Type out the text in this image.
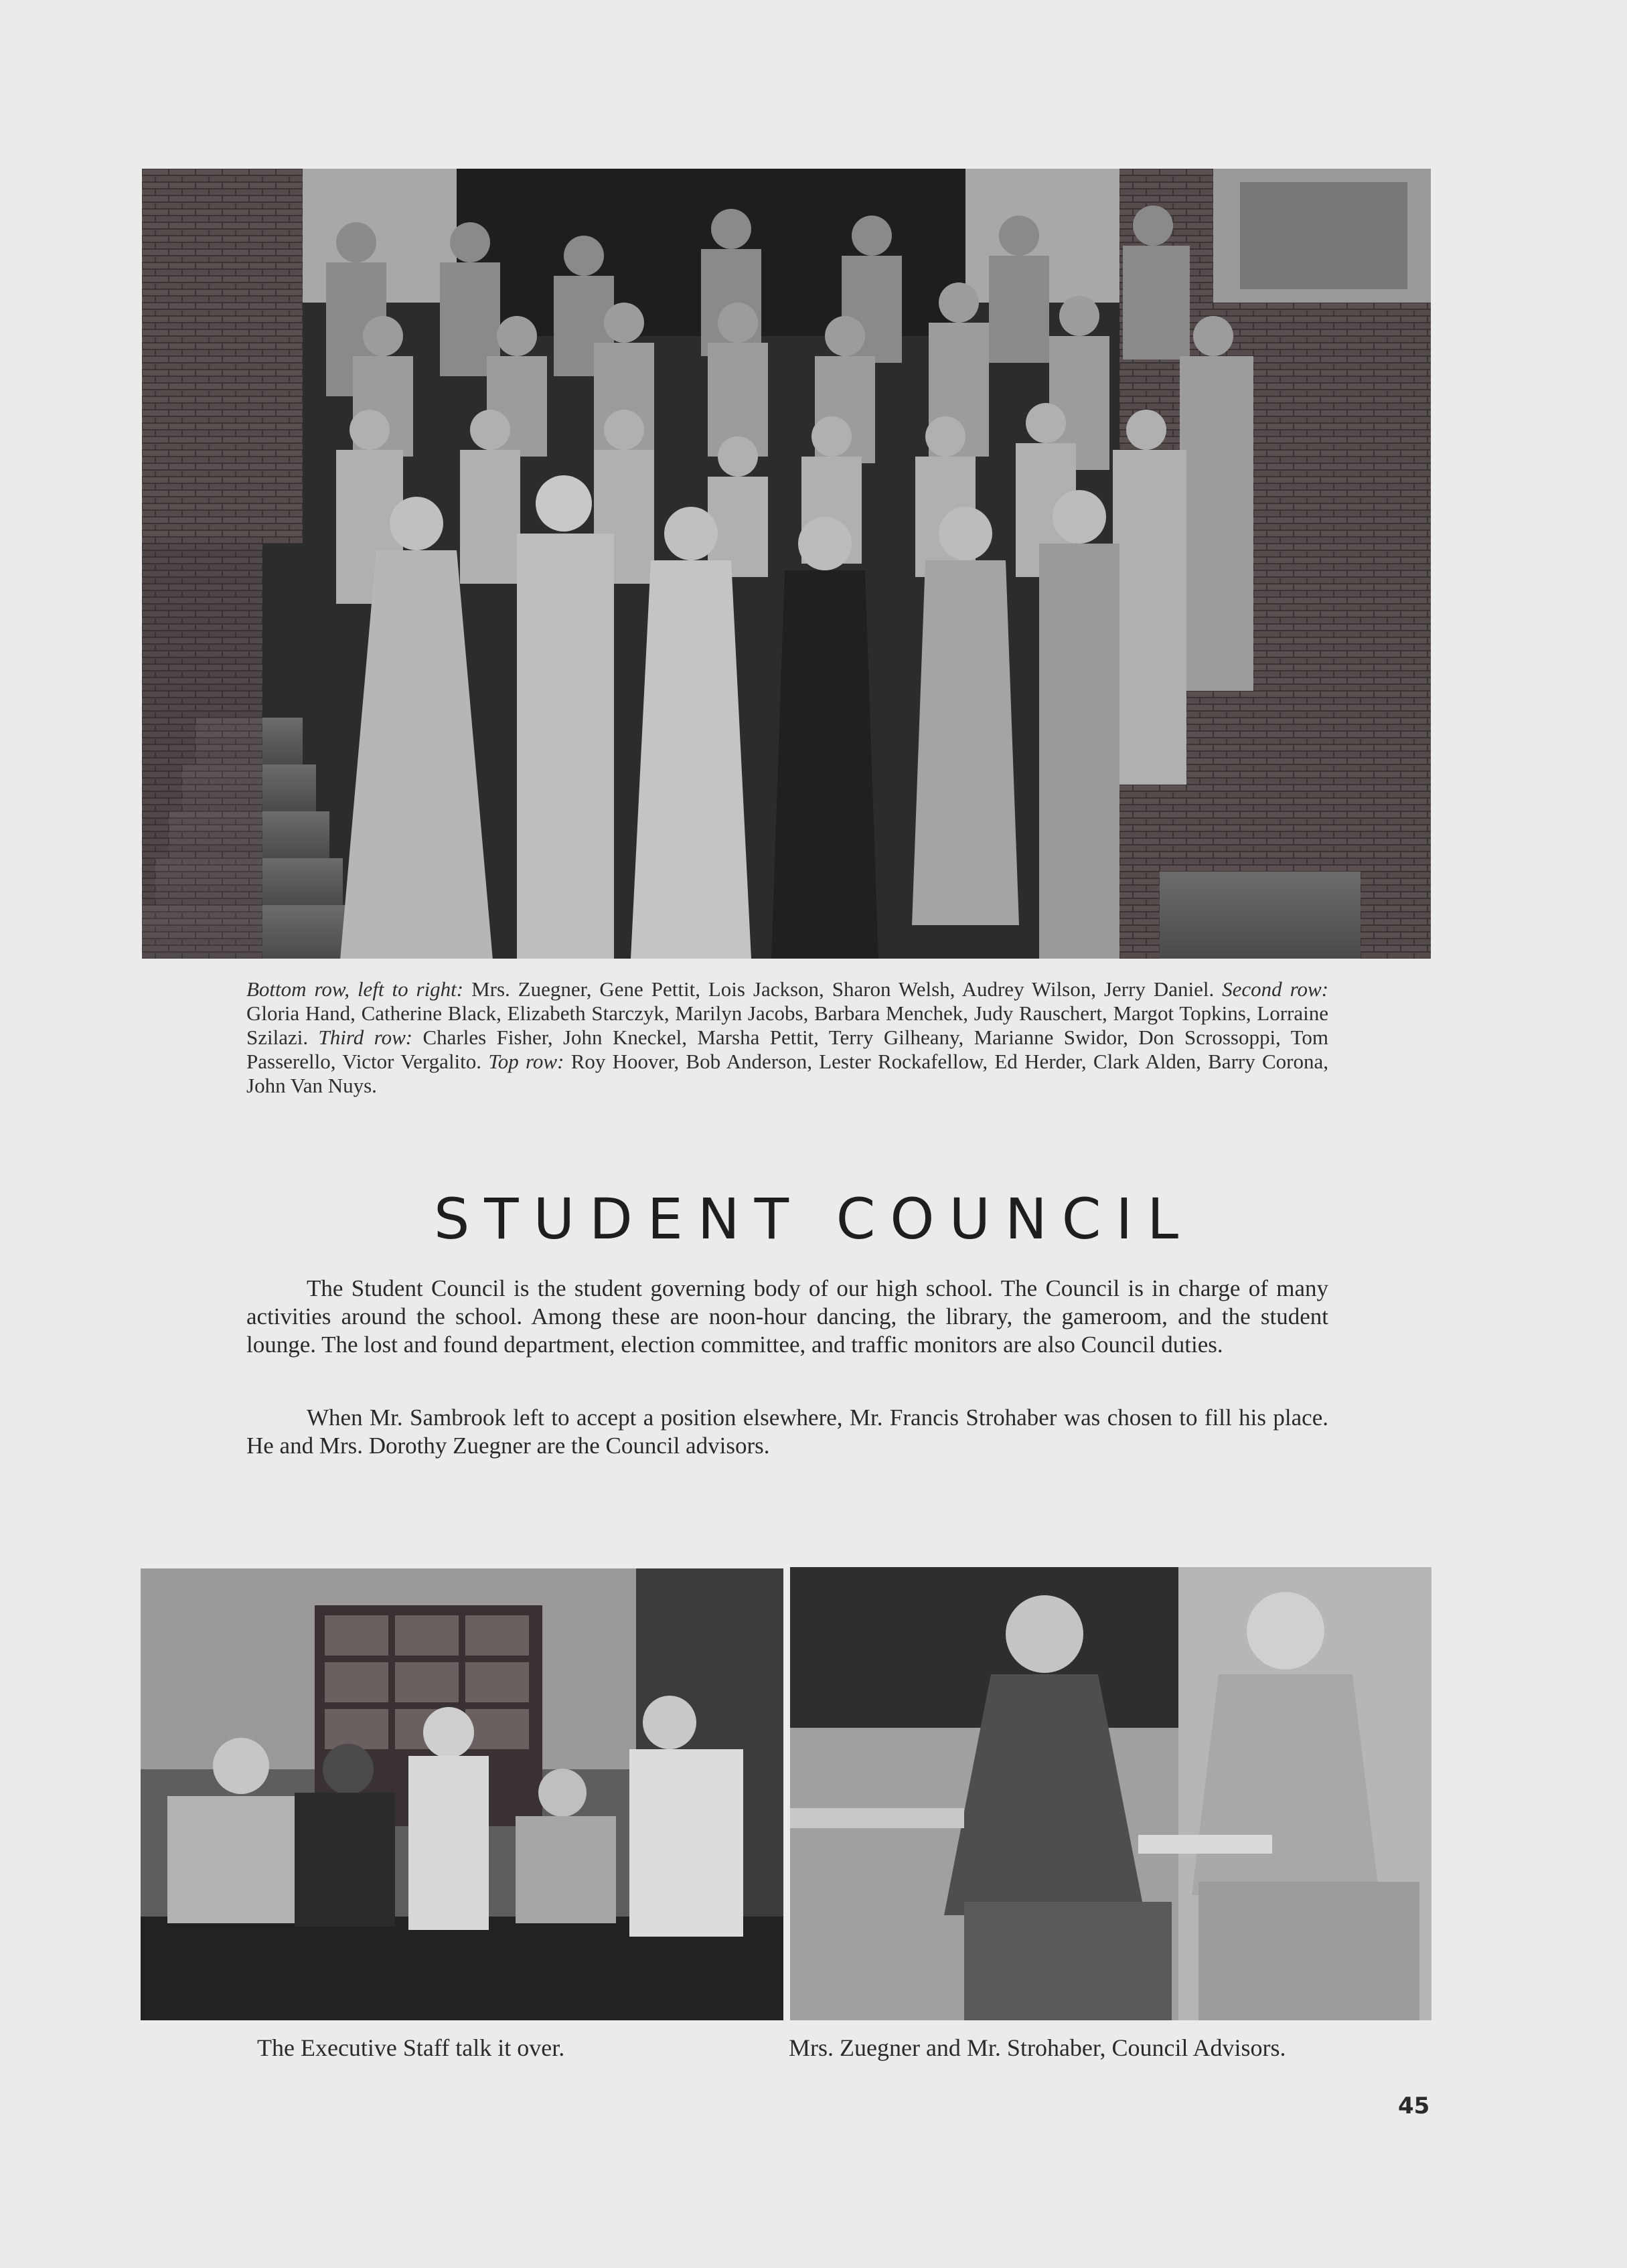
Bottom row, left to right: Mrs. Zuegner, Gene Pettit, Lois Jackson, Sharon Welsh, Audrey Wilson, Jerry Daniel. Second row: Gloria Hand, Catherine Black, Elizabeth Starczyk, Marilyn Jacobs, Barbara Menchek, Judy Rauschert, Margot Topkins, Lorraine Szilazi. Third row: Charles Fisher, John Kneckel, Marsha Pettit, Terry Gilheany, Marianne Swidor, Don Scrossoppi, Tom Passerello, Victor Vergalito. Top row: Roy Hoover, Bob Anderson, Lester Rockafellow, Ed Herder, Clark Alden, Barry Corona, John Van Nuys.
STUDENT COUNCIL

The Student Council is the student governing body of our high school. The Council is in charge of many activities around the school. Among these are noon-hour dancing, the library, the gameroom, and the student lounge. The lost and found department, election committee, and traffic monitors are also Council duties.

When Mr. Sambrook left to accept a position elsewhere, Mr. Francis Strohaber was chosen to fill his place. He and Mrs. Dorothy Zuegner are the Council advisors.

The Executive Staff talk it over.	Mrs. Zuegner and Mr. Strohaber, Council Advisors.

45
